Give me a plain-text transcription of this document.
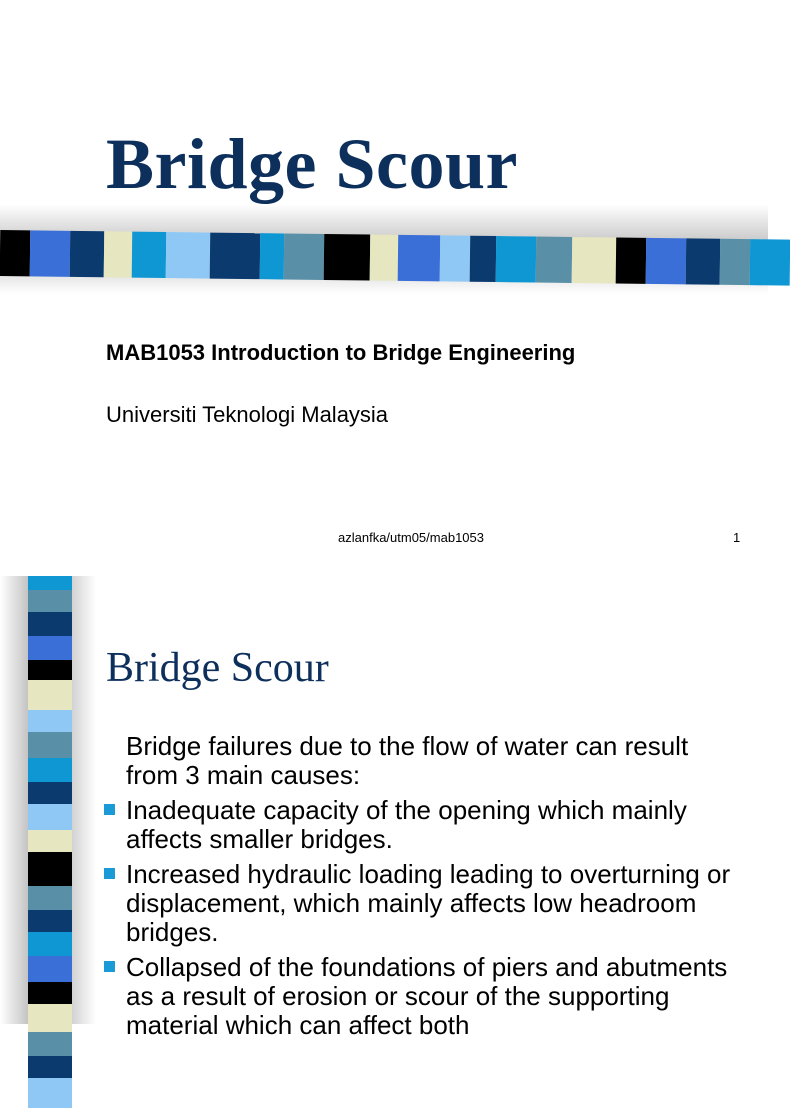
Bridge Scour

MAB1053 Introduction to Bridge Engineering

Universiti Teknologi Malaysia

azlanfka/utm05/mab1053	1
Bridge Scour

Bridge failures due to the flow of water can result from 3 main causes:

Inadequate capacity of the opening which mainly affects smaller bridges.

Increased hydraulic loading leading to overturning or displacement, which mainly affects low headroom bridges.

Collapsed of the foundations of piers and abutments as a result of erosion or scour of the supporting material which can affect both
